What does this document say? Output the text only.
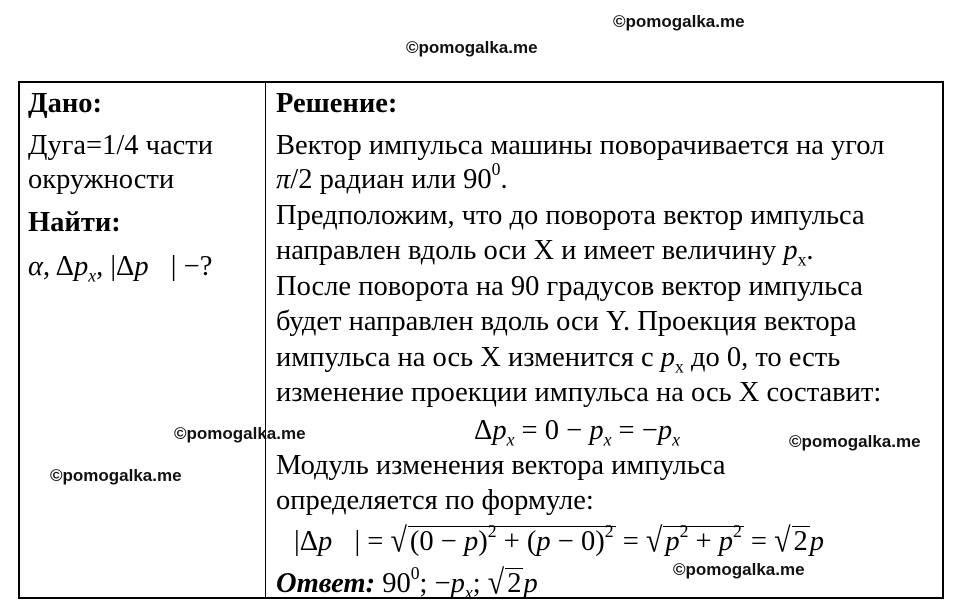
©pomogalka.me
©pomogalka.me
Дано:
Дуга=1/4 части
окружности
Найти:
α, $\Delta p_x$, |Δp⃗| −?
Решение:
Вектор импульса машины поворачивается на угол
π/2 радиан или $90^0$.
Предположим, что до поворота вектор импульса
направлен вдоль оси X и имеет величину $p_x$.
После поворота на 90 градусов вектор импульса
будет направлен вдоль оси Y. Проекция вектора
импульса на ось X изменится с $p_x$ до 0, то есть
изменение проекции импульса на ось X составит:
$\Delta p_x = 0 - p_x = -p_x$
Модуль изменения вектора импульса
определяется по формуле:
|Δp⃗| = √ $(0 - p)^2 + (p - 0)^2$ = √ $p^2 + p^2$ = √ 2p
Ответ: $90^0$; $-p_x$; √ 2p
©pomogalka.me	©pomogalka.me
©pomogalka.me
©pomogalka.me
